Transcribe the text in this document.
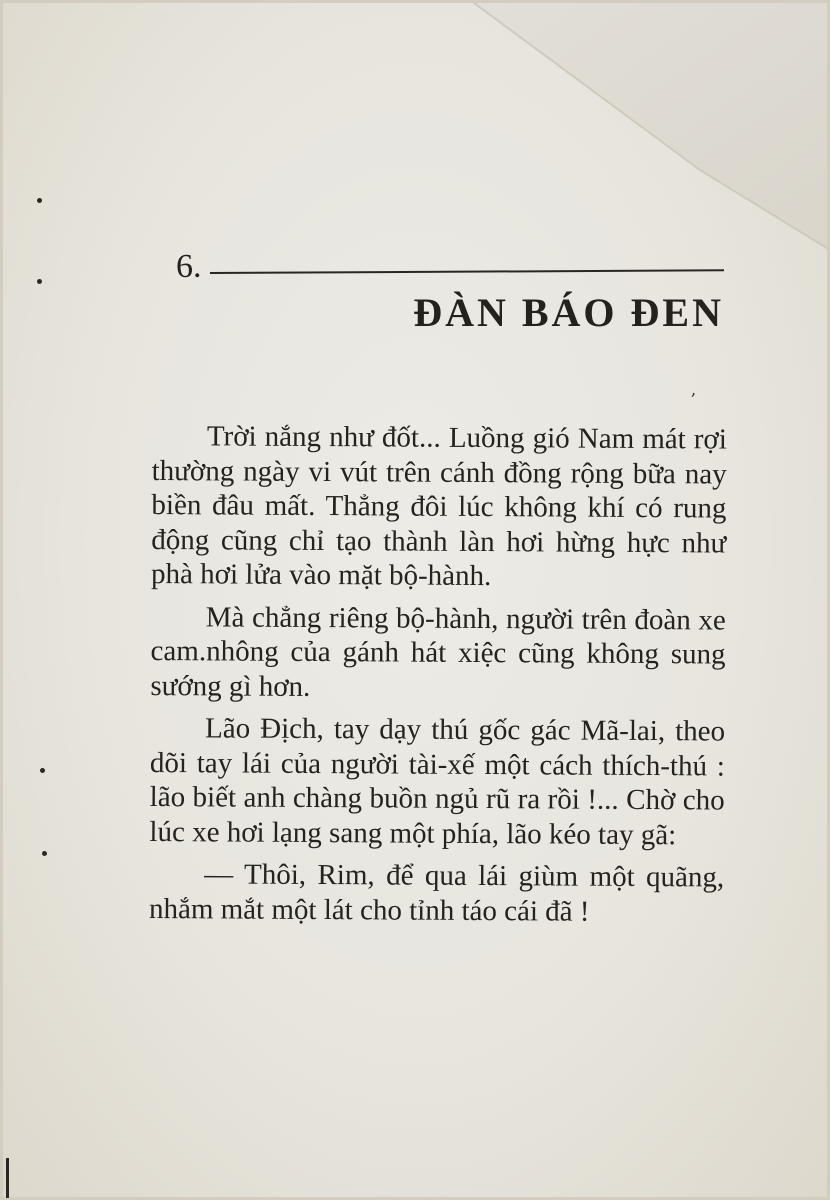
6.
ĐÀN BÁO ĐEN
,

Trời nắng như đốt... Luồng gió Nam mát rợi thường ngày vi vút trên cánh đồng rộng bữa nay biền đâu mất. Thẳng đôi lúc không khí có rung động cũng chỉ tạo thành làn hơi hừng hực như phà hơi lửa vào mặt bộ-hành.

Mà chẳng riêng bộ-hành, người trên đoàn xe cam.nhông của gánh hát xiệc cũng không sung sướng gì hơn.

Lão Địch, tay dạy thú gốc gác Mã-lai, theo dõi tay lái của người tài-xế một cách thích-thú : lão biết anh chàng buồn ngủ rũ ra rồi !... Chờ cho lúc xe hơi lạng sang một phía, lão kéo tay gã:

— Thôi, Rim, để qua lái giùm một quãng, nhắm mắt một lát cho tỉnh táo cái đã !
